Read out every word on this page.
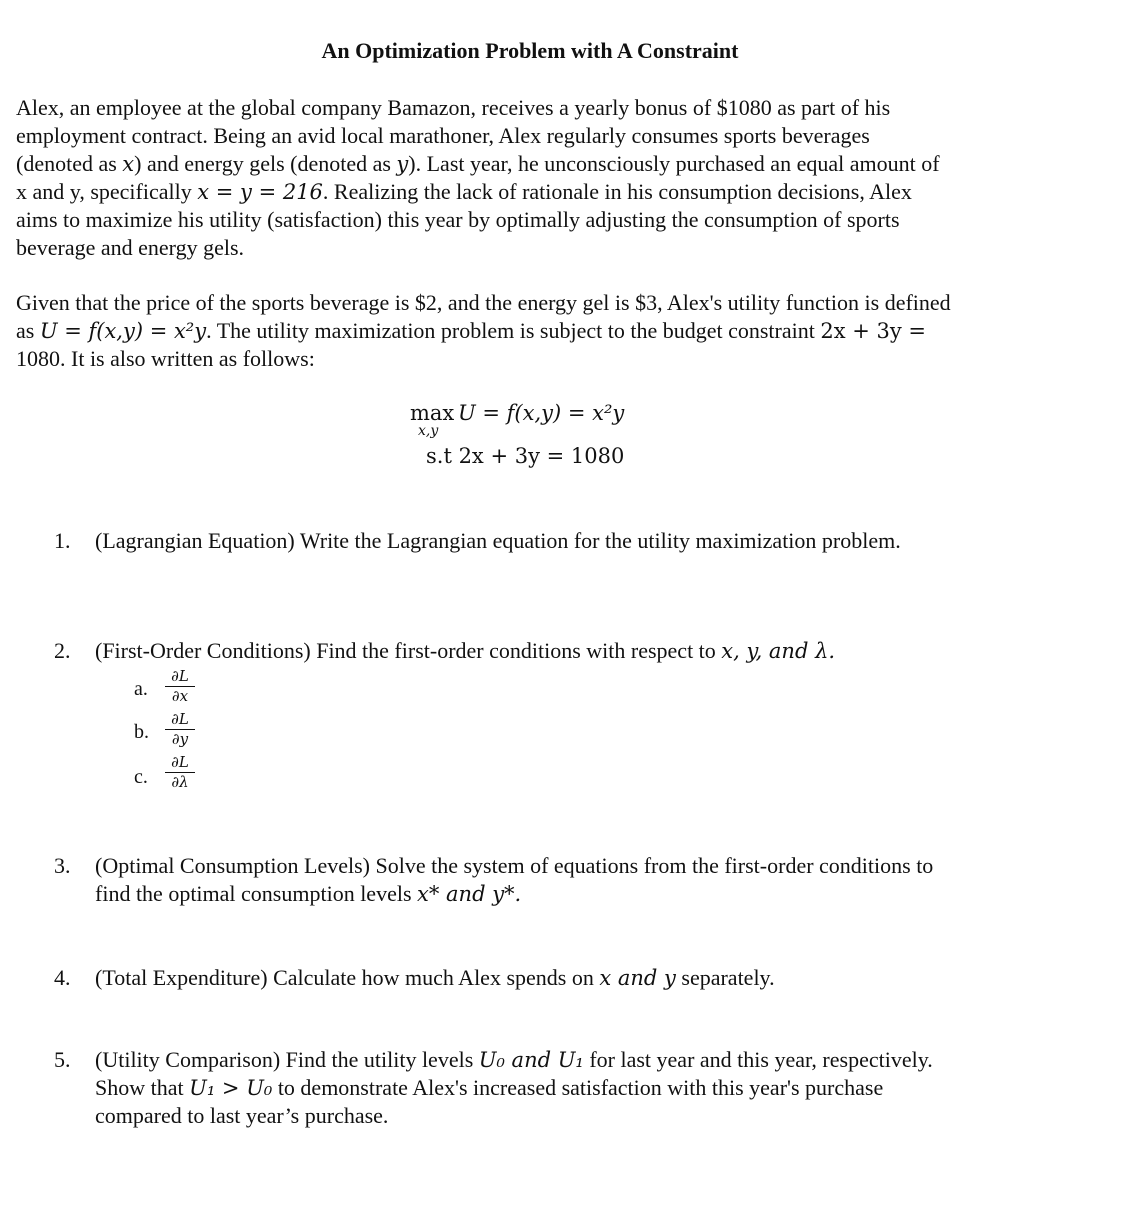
An Optimization Problem with A Constraint
Alex, an employee at the global company Bamazon, receives a yearly bonus of $1080 as part of his
employment contract. Being an avid local marathoner, Alex regularly consumes sports beverages
(denoted as x) and energy gels (denoted as y). Last year, he unconsciously purchased an equal amount of
x and y, specifically x = y = 216. Realizing the lack of rationale in his consumption decisions, Alex
aims to maximize his utility (satisfaction) this year by optimally adjusting the consumption of sports
beverage and energy gels.
Given that the price of the sports beverage is $2, and the energy gel is $3, Alex's utility function is defined
as U = f(x,y) = x²y. The utility maximization problem is subject to the budget constraint 2x + 3y =
1080. It is also written as follows:
max
x,y
U = f(x,y) = x²y
s.t 2x + 3y = 1080
1. (Lagrangian Equation) Write the Lagrangian equation for the utility maximization problem.
2. (First-Order Conditions) Find the first-order conditions with respect to x, y, and λ.
a.
∂L
∂x
b.
∂L
∂y
c.
∂L
∂λ
3. (Optimal Consumption Levels) Solve the system of equations from the first-order conditions to
find the optimal consumption levels x* and y*.
4. (Total Expenditure) Calculate how much Alex spends on x and y separately.
5. (Utility Comparison) Find the utility levels U₀ and U₁ for last year and this year, respectively.
Show that U₁ > U₀ to demonstrate Alex's increased satisfaction with this year's purchase
compared to last year’s purchase.
